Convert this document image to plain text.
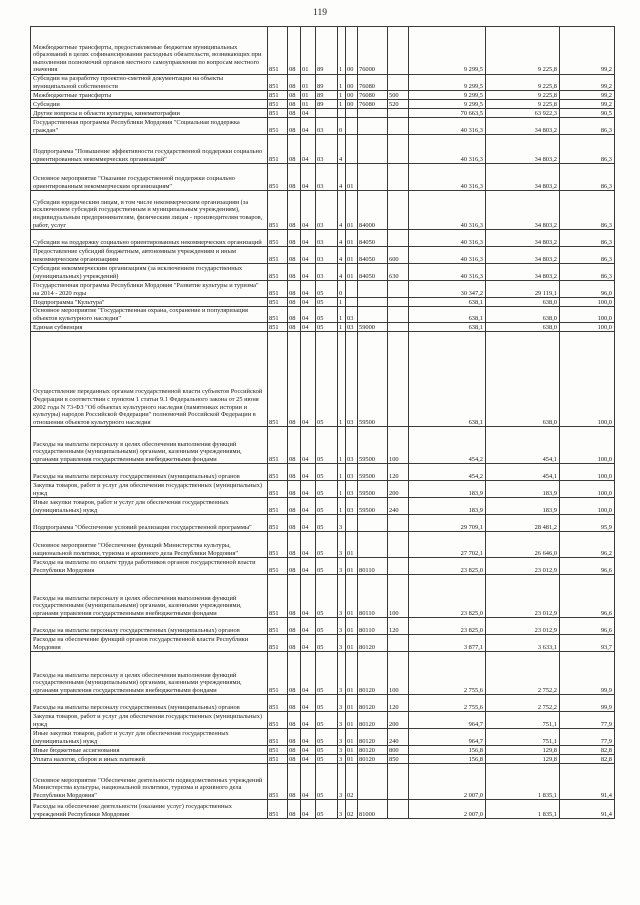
119
Межбюджетные трансферты, предоставляемые бюджетам муниципальных образований в целях софинансирования расходных обязательств, возникающих при выполнении полномочий органов местного самоуправления по вопросам местного значения	851	08	01	89	1	00	76000		9 299,5	9 225,8	99,2
Субсидии на разработку проектно-сметной документации на объекты муниципальной собственности	851	08	01	89	1	00	76080		9 299,5	9 225,8	99,2
Межбюджетные трансферты	851	08	01	89	1	00	76080	500	9 299,5	9 225,8	99,2
Субсидии	851	08	01	89	1	00	76080	520	9 299,5	9 225,8	99,2
Другие вопросы в области культуры, кинематографии	851	08	04						70 663,5	63 922,3	90,5
Государственная программа Республики Мордовия "Социальная поддержка граждан"	851	08	04	03	0				40 316,3	34 803,2	86,3
Подпрограмма "Повышение эффективности государственной поддержки социально ориентированных некоммерческих организаций"	851	08	04	03	4				40 316,3	34 803,2	86,3
Основное мероприятие "Оказание государственной поддержки социально ориентированным некоммерческим организациям"	851	08	04	03	4	01			40 316,3	34 803,2	86,3
Субсидии юридическим лицам, в том числе некоммерческим организациям (за исключением субсидий государственным и муниципальным учреждениям), индивидуальным предпринимателям, физическим лицам - производителям товаров, работ, услуг	851	08	04	03	4	01	84000		40 316,3	34 803,2	86,3
Субсидии на поддержку социально ориентированных некоммерческих организаций	851	08	04	03	4	01	84050		40 316,3	34 803,2	86,3
Предоставление субсидий бюджетным, автономным учреждениям и иным некоммерческим организациям	851	08	04	03	4	01	84050	600	40 316,3	34 803,2	86,3
Субсидии некоммерческим организациям (за исключением государственных (муниципальных) учреждений)	851	08	04	03	4	01	84050	630	40 316,3	34 803,2	86,3
Государственная программа Республики Мордовия "Развитие культуры и туризма" на 2014 - 2020 годы	851	08	04	05	0				30 347,2	29 119,1	96,0
Подпрограмма "Культура"	851	08	04	05	1				638,1	638,0	100,0
Основное мероприятие "Государственная охрана, сохранение и популяризация объектов культурного наследия"	851	08	04	05	1	03			638,1	638,0	100,0
Единая субвенция	851	08	04	05	1	03	59000		638,1	638,0	100,0
Осуществление переданных органам государственной власти субъектов Российской Федерации в соответствии с пунктом 1 статьи 9.1 Федерального закона от 25 июня 2002 года N 73-ФЗ "Об объектах культурного наследия (памятниках истории и культуры) народов Российской Федерации" полномочий Российской Федерации в отношении объектов культурного наследия	851	08	04	05	1	03	59500		638,1	638,0	100,0
Расходы на выплаты персоналу в целях обеспечения выполнения функций государственными (муниципальными) органами, казенными учреждениями, органами управления государственными внебюджетными фондами	851	08	04	05	1	03	59500	100	454,2	454,1	100,0
Расходы на выплаты персоналу государственных (муниципальных) органов	851	08	04	05	1	03	59500	120	454,2	454,1	100,0
Закупка товаров, работ и услуг для обеспечения государственных (муниципальных) нужд	851	08	04	05	1	03	59500	200	183,9	183,9	100,0
Иные закупки товаров, работ и услуг для обеспечения государственных (муниципальных) нужд	851	08	04	05	1	03	59500	240	183,9	183,9	100,0
Подпрограмма "Обеспечение условий реализации государственной программы"	851	08	04	05	3				29 709,1	28 481,2	95,9
Основное мероприятие "Обеспечение функций Министерства культуры, национальной политики, туризма и архивного дела Республики Мордовия"	851	08	04	05	3	01			27 702,1	26 646,0	96,2
Расходы на выплаты по оплате труда работников органов государственной власти Республики Мордовия	851	08	04	05	3	01	80110		23 825,0	23 012,9	96,6
Расходы на выплаты персоналу в целях обеспечения выполнения функций государственными (муниципальными) органами, казенными учреждениями, органами управления государственными внебюджетными фондами	851	08	04	05	3	01	80110	100	23 825,0	23 012,9	96,6
Расходы на выплаты персоналу государственных (муниципальных) органов	851	08	04	05	3	01	80110	120	23 825,0	23 012,9	96,6
Расходы на обеспечение функций органов государственной власти Республики Мордовия	851	08	04	05	3	01	80120		3 877,1	3 633,1	93,7
Расходы на выплаты персоналу в целях обеспечения выполнения функций государственными (муниципальными) органами, казенными учреждениями, органами управления государственными внебюджетными фондами	851	08	04	05	3	01	80120	100	2 755,6	2 752,2	99,9
Расходы на выплаты персоналу государственных (муниципальных) органов	851	08	04	05	3	01	80120	120	2 755,6	2 752,2	99,9
Закупка товаров, работ и услуг для обеспечения государственных (муниципальных) нужд	851	08	04	05	3	01	80120	200	964,7	751,1	77,9
Иные закупки товаров, работ и услуг для обеспечения государственных (муниципальных) нужд	851	08	04	05	3	01	80120	240	964,7	751,1	77,9
Иные бюджетные ассигнования	851	08	04	05	3	01	80120	800	156,8	129,8	82,8
Уплата налогов, сборов и иных платежей	851	08	04	05	3	01	80120	850	156,8	129,8	82,8
Основное мероприятие "Обеспечение деятельности подведомственных учреждений Министерства культуры, национальной политики, туризма и архивного дела Республики Мордовия"	851	08	04	05	3	02			2 007,0	1 835,1	91,4
Расходы на обеспечение деятельности (оказание услуг) государственных учреждений Республики Мордовия	851	08	04	05	3	02	81000		2 007,0	1 835,1	91,4
